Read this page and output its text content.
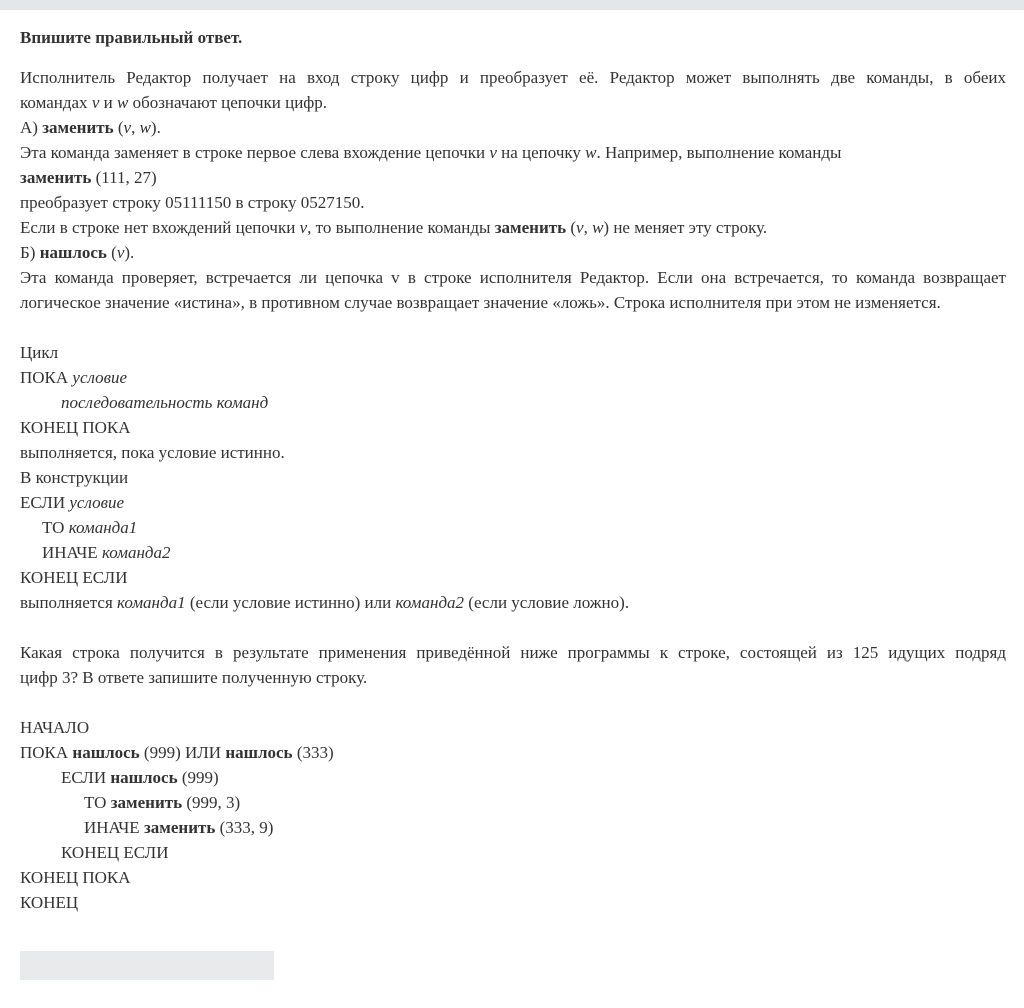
Впишите правильный ответ.
Исполнитель Редактор получает на вход строку цифр и преобразует её. Редактор может выполнять две команды, в обеих
командах v и w обозначают цепочки цифр.
А) заменить (v, w).
Эта команда заменяет в строке первое слева вхождение цепочки v на цепочку w. Например, выполнение команды
заменить (111, 27)
преобразует строку 05111150 в строку 0527150.
Если в строке нет вхождений цепочки v, то выполнение команды заменить (v, w) не меняет эту строку.
Б) нашлось (v).
Эта команда проверяет, встречается ли цепочка v в строке исполнителя Редактор. Если она встречается, то команда возвращает
логическое значение «истина», в противном случае возвращает значение «ложь». Строка исполнителя при этом не изменяется.
Цикл
ПОКА условие
последовательность команд
КОНЕЦ ПОКА
выполняется, пока условие истинно.
В конструкции
ЕСЛИ условие
ТО команда1
ИНАЧЕ команда2
КОНЕЦ ЕСЛИ
выполняется команда1 (если условие истинно) или команда2 (если условие ложно).
Какая строка получится в результате применения приведённой ниже программы к строке, состоящей из 125 идущих подряд
цифр 3? В ответе запишите полученную строку.
НАЧАЛО
ПОКА нашлось (999) ИЛИ нашлось (333)
ЕСЛИ нашлось (999)
ТО заменить (999, 3)
ИНАЧЕ заменить (333, 9)
КОНЕЦ ЕСЛИ
КОНЕЦ ПОКА
КОНЕЦ
